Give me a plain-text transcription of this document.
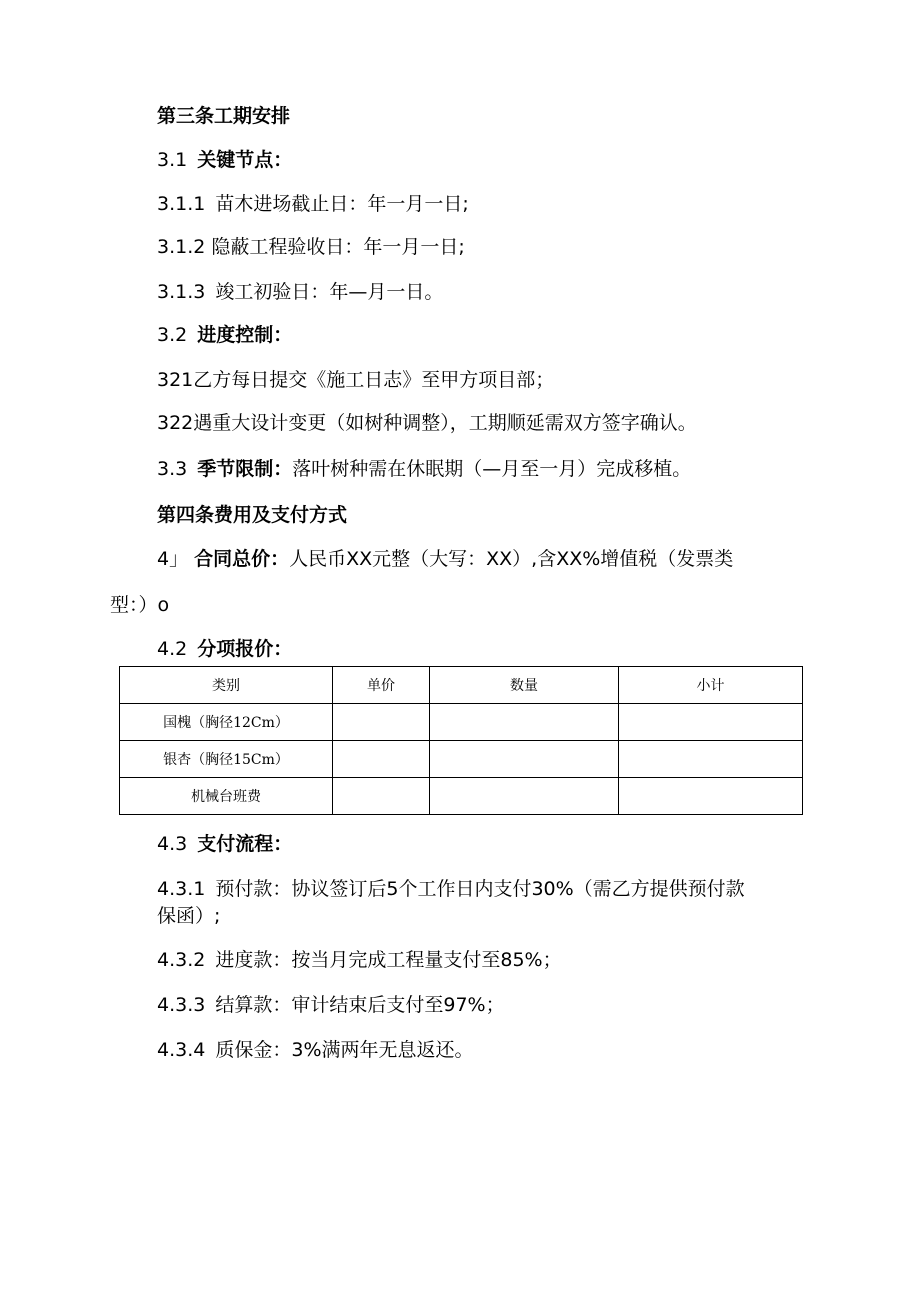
第三条工期安排
3.1 关键节点：
3.1.1 苗木进场截止日：年一月一日;
3.1.2 隐蔽工程验收日：年一月一日;
3.1.3 竣工初验日：年—月一日。
3.2 进度控制：
321乙方每日提交《施工日志》至甲方项目部；
322遇重大设计变更（如树种调整），工期顺延需双方签字确认。
3.3 季节限制：落叶树种需在休眠期（—月至一月）完成移植。
第四条费用及支付方式
4」 合同总价：人民币XX元整（大写：XX）,含XX%增值税（发票类
型：）o
4.2 分项报价：
类别	单价	数量	小计
国槐（胸径12Cm）			
银杏（胸径15Cm）			
机械台班费			
4.3 支付流程：
4.3.1 预付款：协议签订后5个工作日内支付30%（需乙方提供预付款
保函）;
4.3.2 进度款：按当月完成工程量支付至85%；
4.3.3 结算款：审计结束后支付至97%；
4.3.4 质保金：3%满两年无息返还。
